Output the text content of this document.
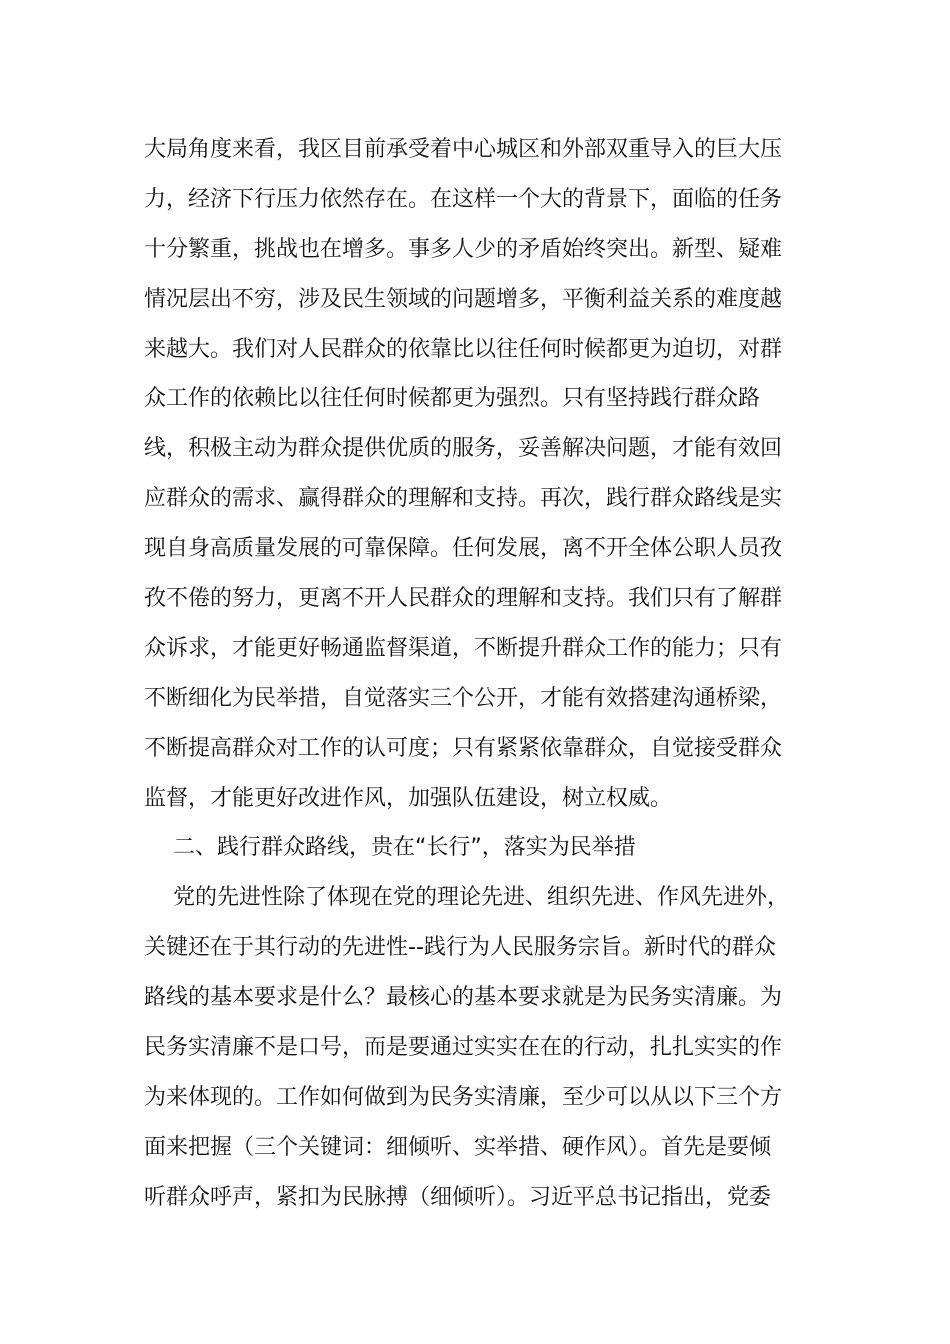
大局角度来看，我区目前承受着中心城区和外部双重导入的巨大压
力，经济下行压力依然存在。在这样一个大的背景下，面临的任务
十分繁重，挑战也在增多。事多人少的矛盾始终突出。新型、疑难
情况层出不穷，涉及民生领域的问题增多，平衡利益关系的难度越
来越大。我们对人民群众的依靠比以往任何时候都更为迫切，对群
众工作的依赖比以往任何时候都更为强烈。只有坚持践行群众路
线，积极主动为群众提供优质的服务，妥善解决问题，才能有效回
应群众的需求、赢得群众的理解和支持。再次，践行群众路线是实
现自身高质量发展的可靠保障。任何发展，离不开全体公职人员孜
孜不倦的努力，更离不开人民群众的理解和支持。我们只有了解群
众诉求，才能更好畅通监督渠道，不断提升群众工作的能力；只有
不断细化为民举措，自觉落实三个公开，才能有效搭建沟通桥梁，
不断提高群众对工作的认可度；只有紧紧依靠群众，自觉接受群众
监督，才能更好改进作风，加强队伍建设，树立权威。
二、践行群众路线，贵在“长行”，落实为民举措
党的先进性除了体现在党的理论先进、组织先进、作风先进外，
关键还在于其行动的先进性--践行为人民服务宗旨。新时代的群众
路线的基本要求是什么？最核心的基本要求就是为民务实清廉。为
民务实清廉不是口号，而是要通过实实在在的行动，扎扎实实的作
为来体现的。工作如何做到为民务实清廉，至少可以从以下三个方
面来把握（三个关键词：细倾听、实举措、硬作风）。首先是要倾
听群众呼声，紧扣为民脉搏（细倾听）。习近平总书记指出，党委
